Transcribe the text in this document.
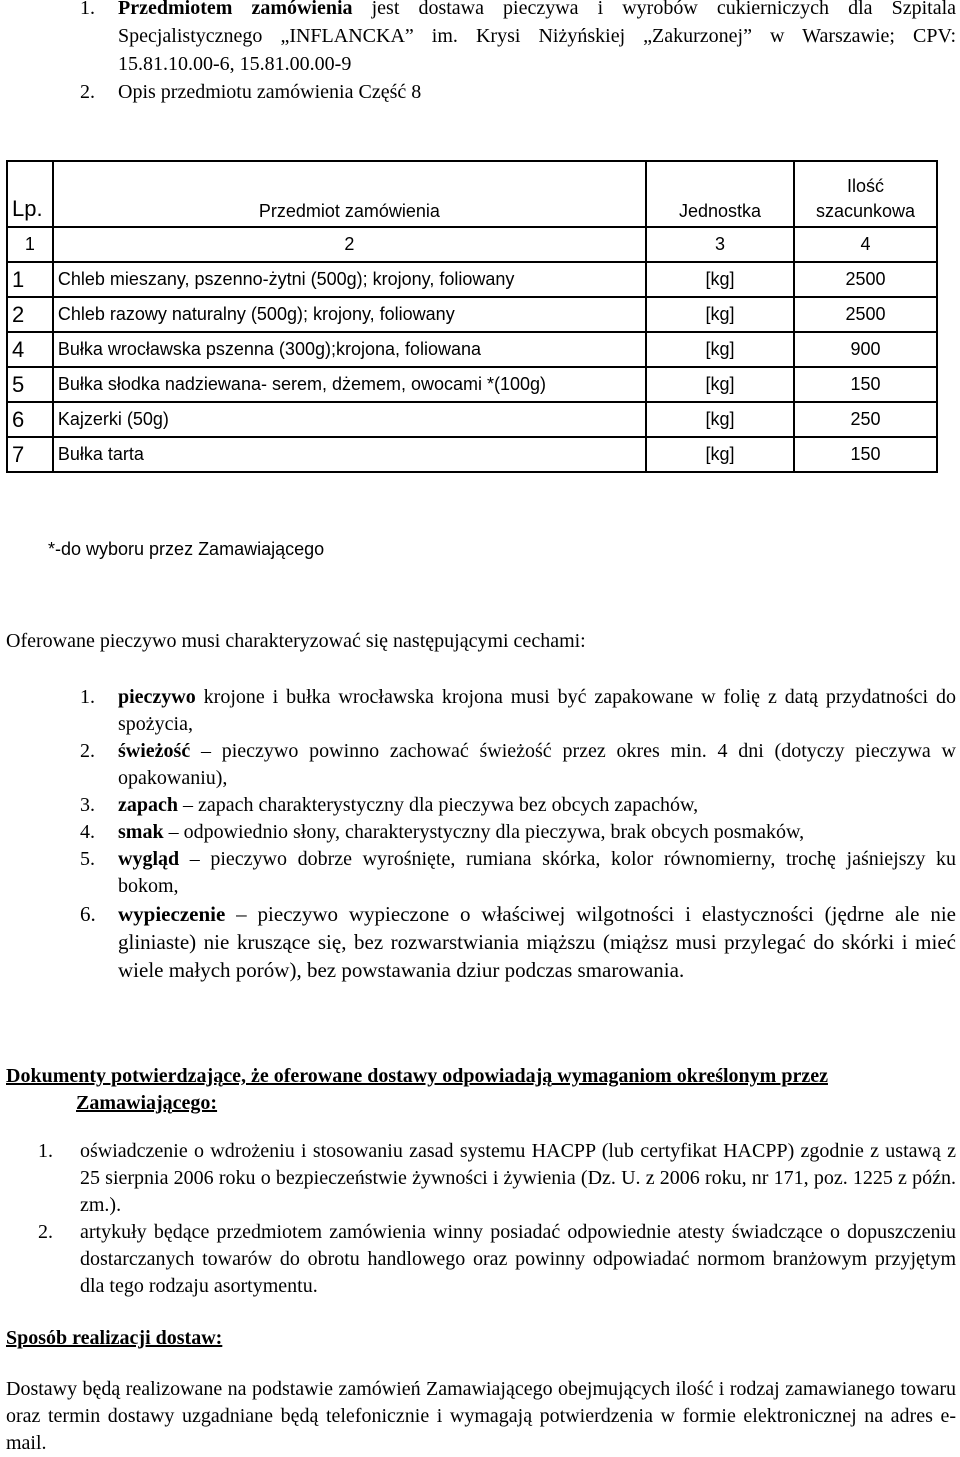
1. Przedmiotem zamówienia jest dostawa pieczywa i wyrobów cukierniczych dla Szpitala Specjalistycznego „INFLANCKA” im. Krysi Niżyńskiej „Zakurzonej” w Warszawie; CPV: 15.81.10.00-6, 15.81.00.00-9
2. Opis przedmiotu zamówienia Część 8
Lp.	Przedmiot zamówienia	Jednostka	Ilość
szacunkowa

1	2	3	4
1	Chleb mieszany, pszenno-żytni (500g); krojony, foliowany	[kg]	2500
2	Chleb razowy naturalny (500g); krojony, foliowany	[kg]	2500
4	Bułka wrocławska pszenna (300g);krojona, foliowana	[kg]	900
5	Bułka słodka nadziewana- serem, dżemem, owocami *(100g)	[kg]	150
6	Kajzerki (50g)	[kg]	250
7	Bułka tarta	[kg]	150
*-do wyboru przez Zamawiającego
Oferowane pieczywo musi charakteryzować się następującymi cechami:
1. pieczywo krojone i bułka wrocławska krojona musi być zapakowane w folię z datą przydatności do spożycia,
2. świeżość – pieczywo powinno zachować świeżość przez okres min. 4 dni (dotyczy pieczywa w opakowaniu),
3. zapach – zapach charakterystyczny dla pieczywa bez obcych zapachów,
4. smak – odpowiednio słony, charakterystyczny dla pieczywa, brak obcych posmaków,
5. wygląd – pieczywo dobrze wyrośnięte, rumiana skórka, kolor równomierny, trochę jaśniejszy ku bokom,
6. wypieczenie – pieczywo wypieczone o właściwej wilgotności i elastyczności (jędrne ale nie gliniaste) nie kruszące się, bez rozwarstwiania miąższu (miąższ musi przylegać do skórki i mieć wiele małych porów), bez powstawania dziur podczas smarowania.
Dokumenty potwierdzające, że oferowane dostawy odpowiadają wymaganiom określonym przez
Zamawiającego:
1. oświadczenie o wdrożeniu i stosowaniu zasad systemu HACPP (lub certyfikat HACPP) zgodnie z ustawą z 25 sierpnia 2006 roku o bezpieczeństwie żywności i żywienia (Dz. U. z 2006 roku, nr 171, poz. 1225 z późn. zm.).
2. artykuły będące przedmiotem zamówienia winny posiadać odpowiednie atesty świadczące o dopuszczeniu dostarczanych towarów do obrotu handlowego oraz powinny odpowiadać normom branżowym przyjętym dla tego rodzaju asortymentu.
Sposób realizacji dostaw:
Dostawy będą realizowane na podstawie zamówień Zamawiającego obejmujących ilość i rodzaj zamawianego towaru oraz termin dostawy uzgadniane będą telefonicznie i wymagają potwierdzenia w formie elektronicznej na adres e-mail.
